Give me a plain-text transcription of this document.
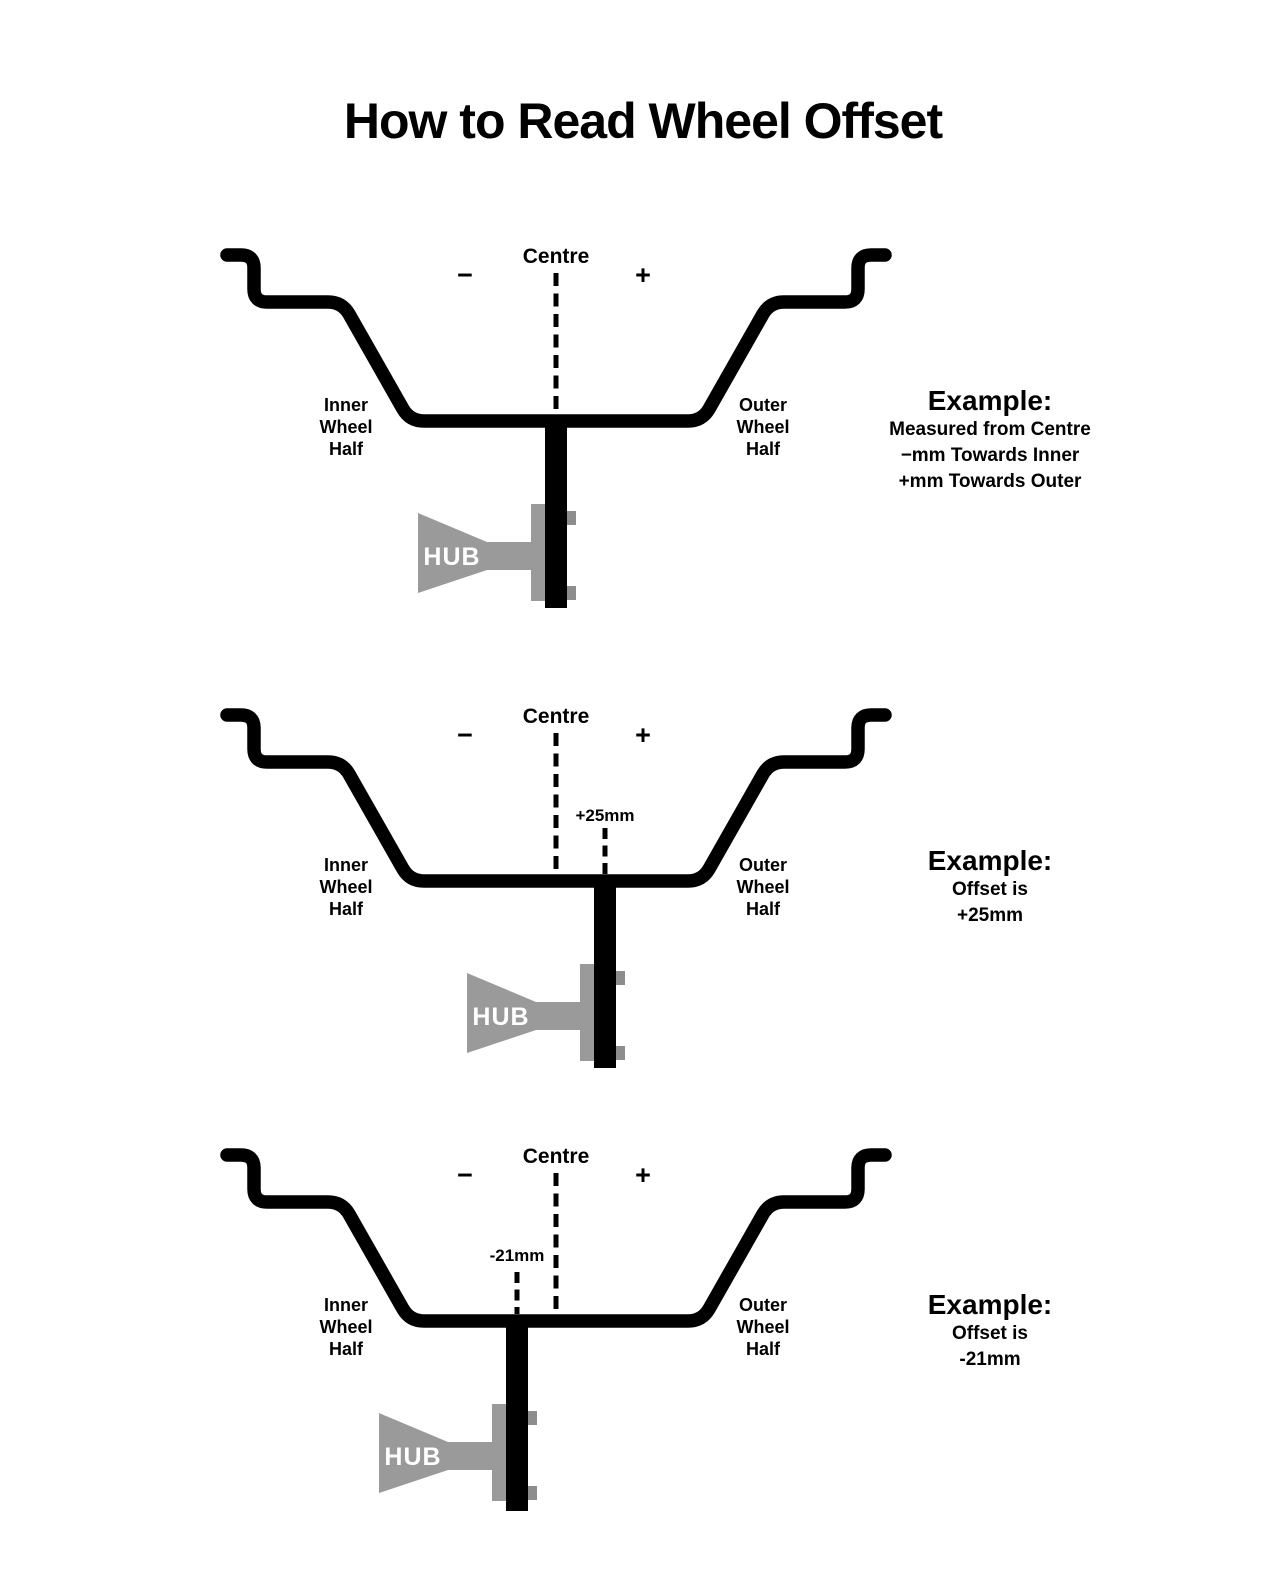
How to Read Wheel Offset
Centre
−	+
Inner
Wheel
Half
Outer
Wheel
Half
HUB
Centre
−	+
+25mm
Inner
Wheel
Half
Outer
Wheel
Half
HUB
Centre
−	+
-21mm
Inner
Wheel
Half
Outer
Wheel
Half
HUB
Example:
Measured from Centre
−mm Towards Inner
+mm Towards Outer
Example:
Offset is
+25mm
Example:
Offset is
-21mm
